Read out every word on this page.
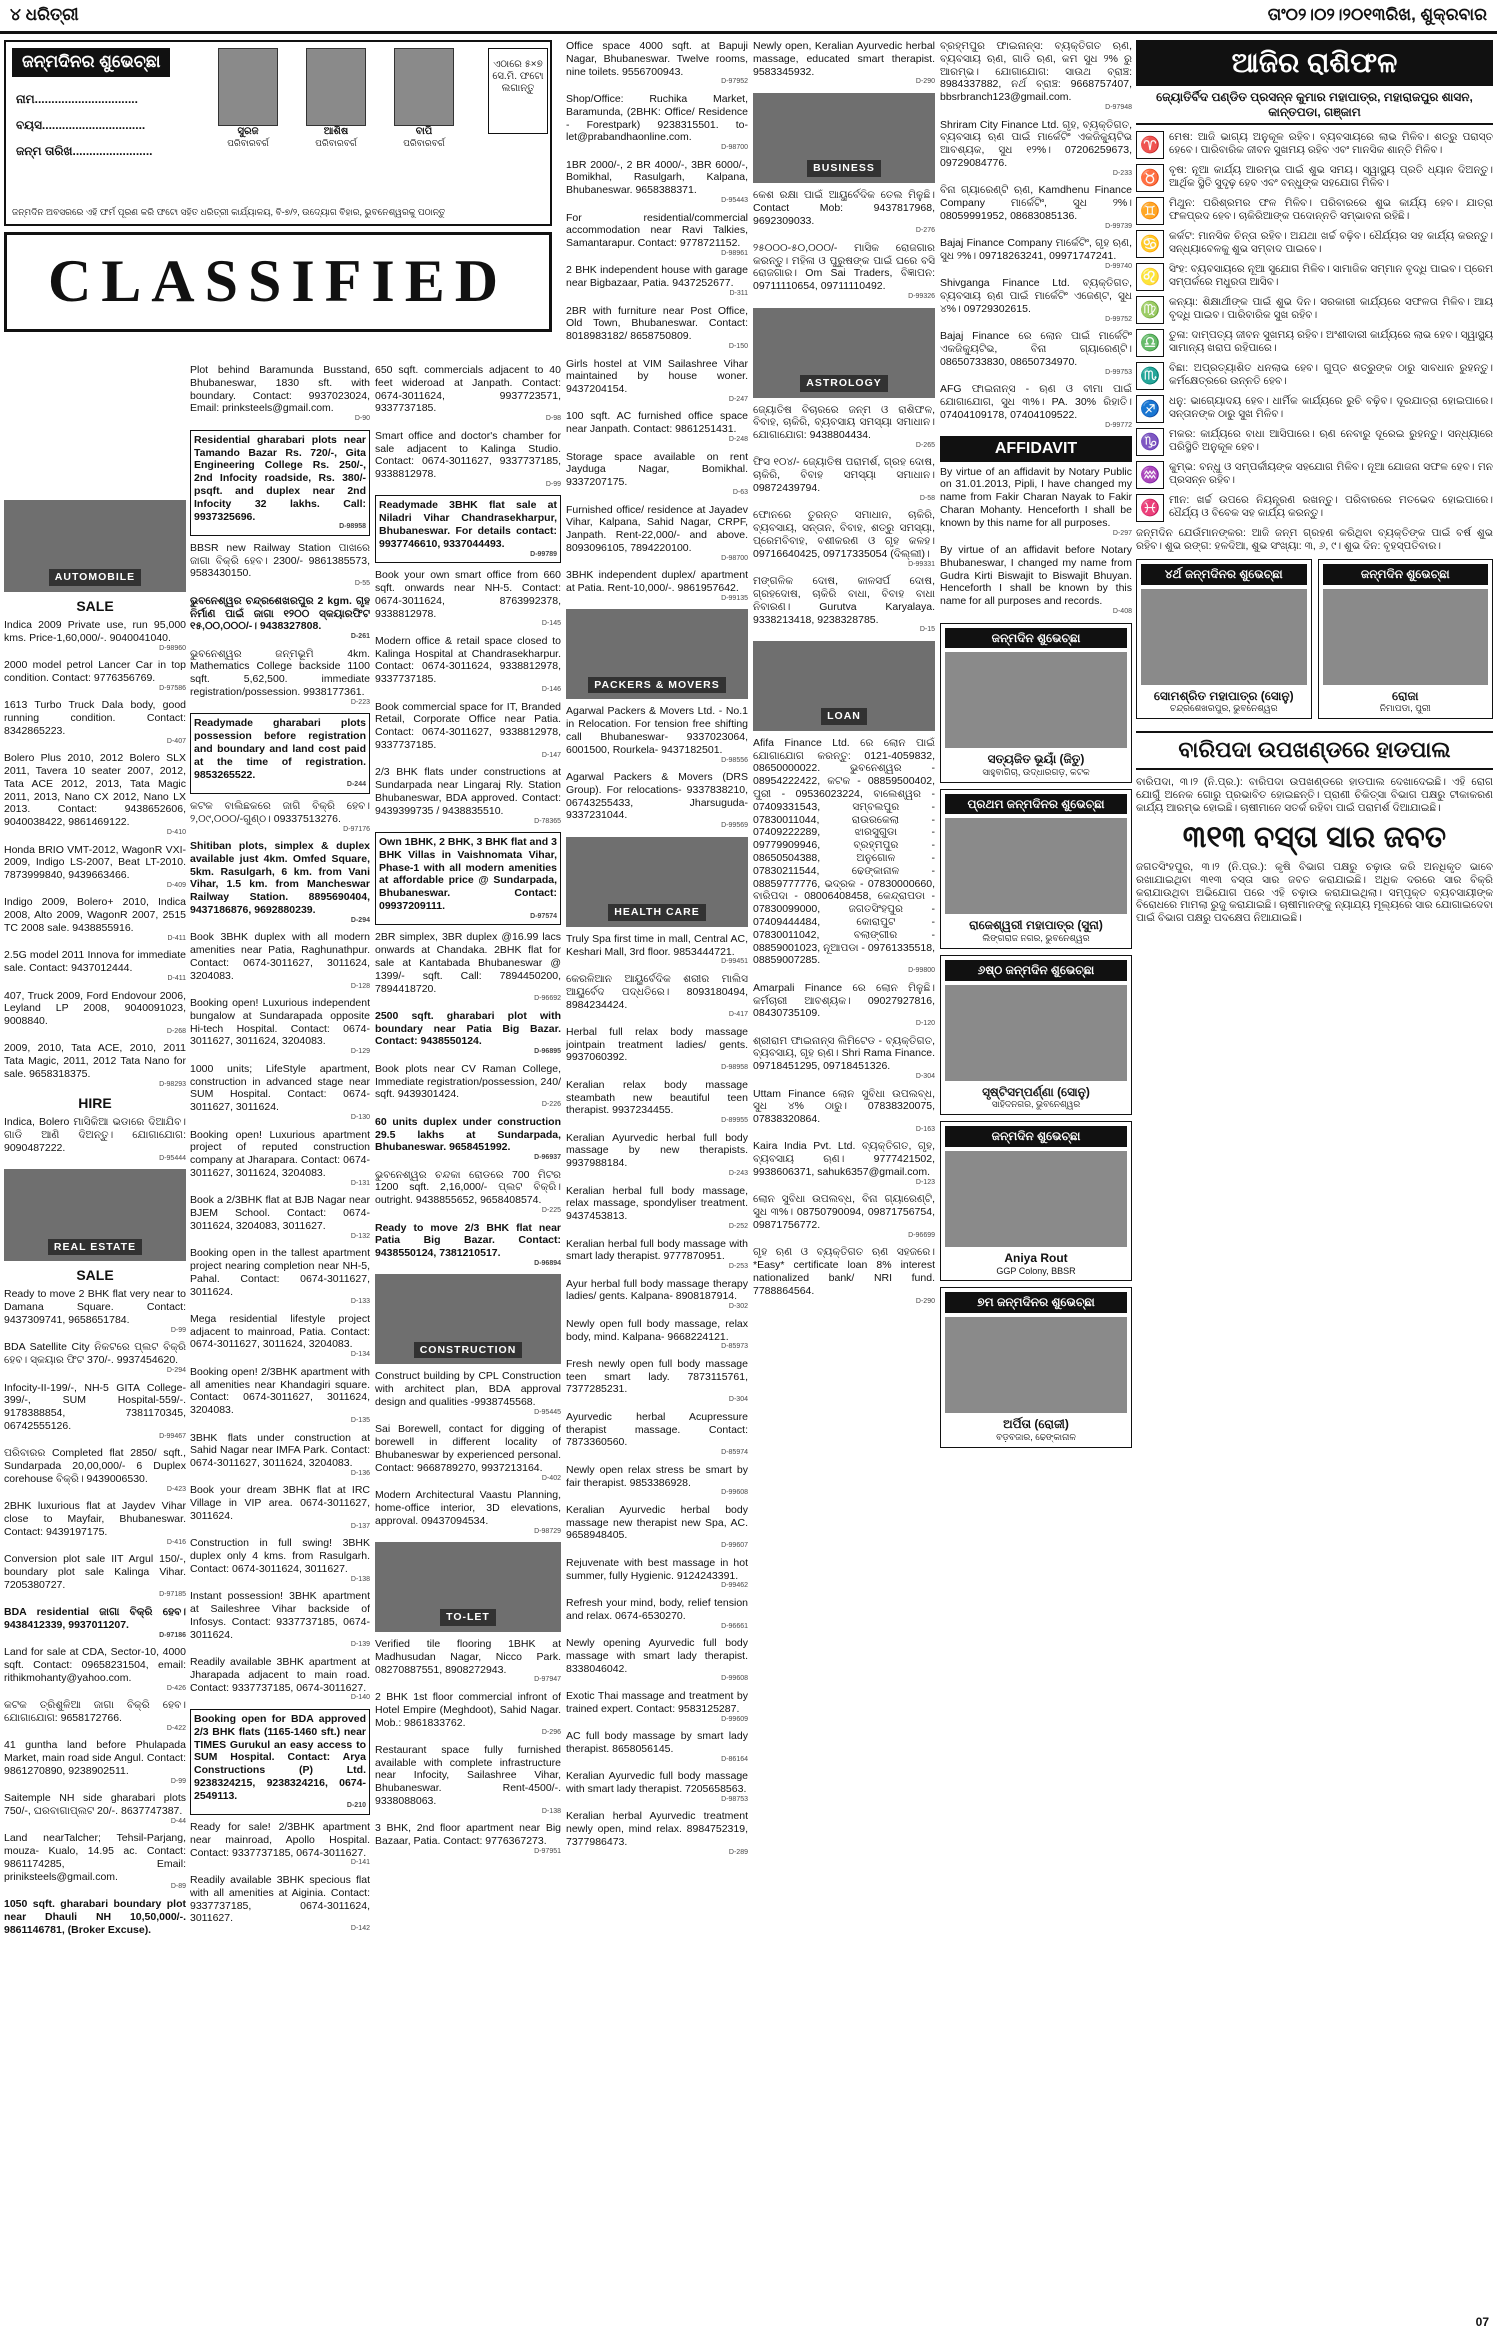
୪ ଧରିତ୍ରୀ	ତାଂ୦୨।୦୨।୨୦୧୩ରିଖ, ଶୁକ୍ରବାର
ଜନ୍ମଦିନର ଶୁଭେଚ୍ଛା
ନାମ...............................
ବୟସ...............................
ଜନ୍ମ ତାରିଖ........................
ସୁରଜ
ପରିବାରବର୍ଗ
ଆଶିଷ
ପରିବାରବର୍ଗ
ବାପି
ପରିବାରବର୍ଗ
ଏଠାରେ ୫×୭ ସେ.ମି. ଫଟୋ ଲଗାନ୍ତୁ
ଜନ୍ମଦିନ ଅବସରରେ ଏହି ଫର୍ମ ପୂରଣ କରି ଫଟୋ ସହିତ ଧରିତ୍ରୀ କାର୍ଯ୍ୟାଳୟ, ବି-୭/୨, ଉଦ୍ୟୋଗ ବିହାର, ଭୁବନେଶ୍ୱରକୁ ପଠାନ୍ତୁ
CLASSIFIED
AUTOMOBILE
SALE
Indica 2009 Private use, run 95,000 kms. Price-1,60,000/-. 9040041040.
D-98960
2000 model petrol Lancer Car in top condition. Contact: 9776356769.
D-97586
1613 Turbo Truck Dala body, good running condition. Contact: 8342865223.
D-407
Bolero Plus 2010, 2012 Bolero SLX 2011, Tavera 10 seater 2007, 2012, Tata ACE 2012, 2013, Tata Magic 2011, 2013, Nano CX 2012, Nano LX 2013. Contact: 9438652606, 9040038422, 9861469122.
D-410
Honda BRIO VMT-2012, WagonR VXI-2009, Indigo LS-2007, Beat LT-2010. 7873999840, 9439663466.
D-409
Indigo 2009, Bolero+ 2010, Indica 2008, Alto 2009, WagonR 2007, 2515 TC 2008 sale. 9438855916.
D-411
2.5G model 2011 Innova for immediate sale. Contact: 9437012444.
D-411
407, Truck 2009, Ford Endovour 2006, Leyland LP 2008, 9040091023, 9008840.
D-268
2009, 2010, Tata ACE, 2010, 2011 Tata Magic, 2011, 2012 Tata Nano for sale. 9658318375.
D-98293
HIRE
Indica, Bolero ମାସିକିଆ ଭଡାରେ ଦିଆଯିବ। ଗାଡି ଆଣି ଦିଅନ୍ତୁ। ଯୋଗାଯୋଗ: 9090487222.
D-95444
REAL ESTATE
SALE
Ready to move 2 BHK flat very near to Damana Square. Contact: 9437309741, 9658651784.
D-99
BDA Satellite City ନିକଟରେ ପ୍ଲଟ ବିକ୍ରି ହେବ। ସ୍କୟାର ଫିଟ 370/-. 9937454620.
D-294
Infocity-II-199/-, NH-5 GITA College-399/-, SUM Hospital-559/-. 9178388854, 7381170345, 06742555126.
D-99467
ପରିବାରର Completed flat 2850/ sqft., Sundarpada 20,00,000/- 6 Duplex corehouse ବିକ୍ରି। 9439006530.
D-423
2BHK luxurious flat at Jaydev Vihar close to Mayfair, Bhubaneswar. Contact: 9439197175.
D-416
Conversion plot sale IIT Argul 150/-, boundary plot sale Kalinga Vihar. 7205380727.
D-97185
BDA residential ଜାଗା ବିକ୍ରି ହେବ। 9438412339, 9937011207.
D-97186
Land for sale at CDA, Sector-10, 4000 sqft. Contact: 09658231504, email: rithikmohanty@yahoo.com.
D-426
କଟକ ତ୍ରିଶୁଳିଆ ଜାଗା ବିକ୍ରି ହେବ। ଯୋଗାଯୋଗ: 9658172766.
D-422
41 guntha land before Phulapada Market, main road side Angul. Contact: 9861270890, 9238902511.
D-99
Saitemple NH side gharabari plots 750/-, ଘରବାଗାପ୍ଲଟ 20/-. 8637747387.
D-44
Land nearTalcher; Tehsil-Parjang, mouza- Kualo, 14.95 ac. Contact: 9861174285, Email: priniksteels@gmail.com.
D-89
1050 sqft. gharabari boundary plot near Dhauli NH 10,50,000/-. 9861146781, (Broker Excuse).
Plot behind Baramunda Busstand, Bhubaneswar, 1830 sft. with boundary. Contact: 9937023024, Email: prinksteels@gmail.com.
D-90
Residential gharabari plots near Tamando Bazar Rs. 720/-, Gita Engineering College Rs. 250/-, 2nd Infocity roadside, Rs. 380/- psqft. and duplex near 2nd Infocity 32 lakhs. Call: 9937325696.
D-98958
BBSR new Railway Station ପାଖରେ ଜାଗା ବିକ୍ରି ହେବ। 2300/- 9861385573, 9583430150.
D-55
ଭୁବନେଶ୍ୱର ଚନ୍ଦ୍ରଶେଖରପୁର 2 kgm. ଗୃହ ନିର୍ମାଣ ପାଇଁ ଜାଗା ୧୨୦୦ ସ୍କୟାରଫିଟ ୧୫,୦୦,୦୦୦/-। 9438327808.
D-261
ଭୁବନେଶ୍ୱର ଜନ୍ମଭୂମି 4km. Mathematics College backside 1100 sqft. 5,62,500. immediate registration/possession. 9938177361.
D-223
Readymade gharabari plots possession before registration and boundary and land cost paid at the time of registration. 9853265522.
D-244
କଟକ ବାଲିଛକରେ ଜାଗି ବିକ୍ରି ହେବ। ୨,୦୯,୦୦୦/-ଗୁଣ୍ଠ। 09337513276.
D-97176
Shitiban plots, simplex & duplex available just 4km. Omfed Square, 5km. Rasulgarh, 6 km. from Vani Vihar, 1.5 km. from Mancheswar Railway Station. 8895690404, 9437186876, 9692880239.
D-294
Book 3BHK duplex with all modern amenities near Patia, Raghunathpur. Contact: 0674-3011627, 3011624, 3204083.
D-128
Booking open! Luxurious independent bungalow at Sundarapada opposite Hi-tech Hospital. Contact: 0674-3011627, 3011624, 3204083.
D-129
1000 units; LifeStyle apartment, construction in advanced stage near SUM Hospital. Contact: 0674-3011627, 3011624.
D-130
Booking open! Luxurious apartment project of reputed construction company at Jharapara. Contact: 0674-3011627, 3011624, 3204083.
D-131
Book a 2/3BHK flat at BJB Nagar near BJEM School. Contact: 0674-3011624, 3204083, 3011627.
D-132
Booking open in the tallest apartment project nearing completion near NH-5, Pahal. Contact: 0674-3011627, 3011624.
D-133
Mega residential lifestyle project adjacent to mainroad, Patia. Contact: 0674-3011627, 3011624, 3204083.
D-134
Booking open! 2/3BHK apartment with all amenities near Khandagiri square. Contact: 0674-3011627, 3011624, 3204083.
D-135
3BHK flats under construction at Sahid Nagar near IMFA Park. Contact: 0674-3011627, 3011624, 3204083.
D-136
Book your dream 3BHK flat at IRC Village in VIP area. 0674-3011627, 3011624.
D-137
Construction in full swing! 3BHK duplex only 4 kms. from Rasulgarh. Contact: 0674-3011624, 3011627.
D-138
Instant possession! 3BHK apartment at Saileshree Vihar backside of Infosys. Contact: 9337737185, 0674-3011624.
D-139
Readily available 3BHK apartment at Jharapada adjacent to main road. Contact: 9337737185, 0674-3011627.
D-140
Booking open for BDA approved 2/3 BHK flats (1165-1460 sft.) near TIMES Gurukul an easy access to SUM Hospital. Contact: Arya Constructions (P) Ltd. 9238324215, 9238324216, 0674-2549113.
D-210
Ready for sale! 2/3BHK apartment near mainroad, Apollo Hospital. Contact: 9337737185, 0674-3011627.
D-141
Readily available 3BHK specious flat with all amenities at Aiginia. Contact: 9337737185, 0674-3011624, 3011627.
D-142
650 sqft. commercials adjacent to 40 feet wideroad at Janpath. Contact: 0674-3011624, 9937723571, 9337737185.
D-98
Smart office and doctor's chamber for sale adjacent to Kalinga Studio. Contact: 0674-3011627, 9337737185, 9338812978.
D-99
Readymade 3BHK flat sale at Niladri Vihar Chandrasekharpur, Bhubaneswar. For details contact: 9937746610, 9337044493.
D-99789
Book your own smart office from 660 sqft. onwards near NH-5. Contact: 0674-3011624, 8763992378, 9338812978.
D-145
Modern office & retail space closed to Kalinga Hospital at Chandrasekharpur. Contact: 0674-3011624, 9338812978, 9337737185.
D-146
Book commercial space for IT, Branded Retail, Corporate Office near Patia. Contact: 0674-3011627, 9338812978, 9337737185.
D-147
2/3 BHK flats under constructions at Sundarpada near Lingaraj Rly. Station Bhubaneswar, BDA approved. Contact: 9439399735 / 9438835510.
D-78365
Own 1BHK, 2 BHK, 3 BHK flat and 3 BHK Villas in Vaishnomata Vihar, Phase-1 with all modern amenities at affordable price @ Sundarpada, Bhubaneswar. Contact: 09937209111.
D-97574
2BR simplex, 3BR duplex @16.99 lacs onwards at Chandaka. 2BHK flat for sale at Kantabada Bhubaneswar @ 1399/- sqft. Call: 7894450200, 7894418720.
D-96692
2500 sqft. gharabari plot with boundary near Patia Big Bazar. Contact: 9438550124.
D-96895
Book plots near CV Raman College, Immediate registration/possession, 240/ sqft. 9439301424.
D-226
60 units duplex under construction 29.5 lakhs at Sundarpada, Bhubaneswar. 9658451992.
D-96937
ଭୁବନେଶ୍ୱର ଚନ୍ଦକା ରୋଡରେ 700 ମିଟର 1200 sqft. 2,16,000/- ପ୍ଲଟ ବିକ୍ରି। outright. 9438855652, 9658408574.
D-225
Ready to move 2/3 BHK flat near Patia Big Bazar. Contact: 9438550124, 7381210517.
D-96894
CONSTRUCTION
Construct building by CPL Construction with architect plan, BDA approval design and qualities -9938745568.
D-95445
Sai Borewell, contact for digging of borewell in different locality of Bhubaneswar by experienced personal. Contact: 9668789270, 9937213164.
D-402
Modern Architectural Vaastu Planning, home-office interior, 3D elevations, approval. 09437094534.
D-98729
TO-LET
Verified tile flooring 1BHK at Madhusudan Nagar, Nicco Park. 08270887551, 8908272943.
D-97947
2 BHK 1st floor commercial infront of Hotel Empire (Meghdoot), Sahid Nagar. Mob.: 9861833762.
D-296
Restaurant space fully furnished available with complete infrastructure near Infocity, Sailashree Vihar, Bhubaneswar. Rent-4500/-. 9338088063.
D-138
3 BHK, 2nd floor apartment near Big Bazaar, Patia. Contact: 9776367273.
D-97951
Office space 4000 sqft. at Bapuji Nagar, Bhubaneswar. Twelve rooms, nine toilets. 9556700943.
D-97952
Shop/Office: Ruchika Market, Baramunda, (2BHK: Office/ Residence - Forestpark) 9238315501. to-let@prabandhaonline.com.
D-98700
1BR 2000/-, 2 BR 4000/-, 3BR 6000/-, Bomikhal, Rasulgarh, Kalpana, Bhubaneswar. 9658388371.
D-95443
For residential/commercial accommodation near Ravi Talkies, Samantarapur. Contact: 9778721152.
D-98961
2 BHK independent house with garage near Bigbazaar, Patia. 9437252677.
D-311
2BR with furniture near Post Office, Old Town, Bhubaneswar. Contact: 8018983182/ 8658750809.
D-150
Girls hostel at VIM Sailashree Vihar maintained by house woner. 9437204154.
D-247
100 sqft. AC furnished office space near Janpath. Contact: 9861251431.
D-248
Storage space available on rent Jayduga Nagar, Bomikhal. 9337207175.
D-63
Furnished office/ residence at Jayadev Vihar, Kalpana, Sahid Nagar, CRPF, Janpath. Rent-22,000/- and above. 8093096105, 7894220100.
D-98700
3BHK independent duplex/ apartment at Patia. Rent-10,000/-. 9861957642.
D-99135
PACKERS & MOVERS
Agarwal Packers & Movers Ltd. - No.1 in Relocation. For tension free shifting call Bhubaneswar- 9337023064, 6001500, Rourkela- 9437182501.
D-98556
Agarwal Packers & Movers (DRS Group). For relocations- 9337838210, 06743255433, Jharsuguda- 9337231044.
D-99569
HEALTH CARE
Truly Spa first time in mall, Central AC, Keshari Mall, 3rd floor. 9853444721.
D-99451
କେରଳିଆନ ଆୟୁର୍ବେଦିକ ଶରୀର ମାଲିସ ଆୟୁର୍ବେଦ ପଦ୍ଧତିରେ। 8093180494, 8984234424.
D-417
Herbal full relax body massage jointpain treatment ladies/ gents. 9937060392.
D-98958
Keralian relax body massage steambath new beautiful teen therapist. 9937234455.
D-89955
Keralian Ayurvedic herbal full body massage by new therapists. 9937988184.
D-243
Keralian herbal full body massage, relax massage, spondyliser treatment. 9437453813.
D-252
Keralian herbal full body massage with smart lady therapist. 9777870951.
D-253
Ayur herbal full body massage therapy ladies/ gents. Kalpana- 8908187914.
D-302
Newly open full body massage, relax body, mind. Kalpana- 9668224121.
D-85973
Fresh newly open full body massage teen smart lady. 7873115761, 7377285231.
D-304
Ayurvedic herbal Acupressure therapist massage. Contact: 7873360560.
D-85974
Newly open relax stress be smart by fair therapist. 9853386928.
D-99608
Keralian Ayurvedic herbal body massage new therapist new Spa, AC. 9658948405.
D-99607
Rejuvenate with best massage in hot summer, fully Hygienic. 9124243391.
D-99462
Refresh your mind, body, relief tension and relax. 0674-6530270.
D-96661
Newly opening Ayurvedic full body massage with smart lady therapist. 8338046042.
D-99608
Exotic Thai massage and treatment by trained expert. Contact: 9583125287.
D-99609
AC full body massage by smart lady therapist. 8658056145.
D-86164
Keralian Ayurvedic full body massage with smart lady therapist. 7205658563.
D-98753
Keralian herbal Ayurvedic treatment newly open, mind relax. 8984752319, 7377986473.
D-289
Newly open, Keralian Ayurvedic herbal massage, educated smart therapist. 9583345932.
D-290
BUSINESS
କେଶ ରକ୍ଷା ପାଇଁ ଆୟୁର୍ବେଦିକ ତେଲ ମିଳୁଛି। Contact Mob: 9437817968, 9692309033.
D-276
୨୫୦୦୦-୫୦,୦୦୦/- ମାସିକ ରୋଜଗାର କରନ୍ତୁ। ମହିଳା ଓ ପୁରୁଷଙ୍କ ପାଇଁ ଘରେ ବସି ରୋଜଗାର। Om Sai Traders, ବିଜ୍ଞାପନ: 09711110654, 09711110492.
D-99326
ASTROLOGY
ଜ୍ୟୋତିଷ ବିଚାରରେ ଜନ୍ମ ଓ ରାଶିଫଳ, ବିବାହ, ଚାକିରି, ବ୍ୟବସାୟ ସମସ୍ୟା ସମାଧାନ। ଯୋଗାଯୋଗ: 9438804434.
D-265
ଫିସ ୧୦୪/- ଜ୍ୟୋତିଷ ପରାମର୍ଶ, ଗ୍ରହ ଦୋଷ, ଚାକିରି, ବିବାହ ସମସ୍ୟା ସମାଧାନ। 09872439794.
D-58
ଫୋନରେ ତୁରନ୍ତ ସମାଧାନ, ଚାକିରି, ବ୍ୟବସାୟ, ସନ୍ତାନ, ବିବାହ, ଶତ୍ରୁ ସମସ୍ୟା, ପ୍ରେମବିବାହ, ବଶୀକରଣ ଓ ଗୃହ କଳହ। 09716640425, 09717335054 (ଦିଲ୍ଲୀ)।
D-99331
ମଙ୍ଗଳିକ ଦୋଷ, କାଳସର୍ପ ଦୋଷ, ଗ୍ରହଦୋଷ, ଚାକିରି ବାଧା, ବିବାହ ବାଧା ନିବାରଣ। Gurutva Karyalaya. 9338213418, 9238328785.
D-15
LOAN
Afifa Finance Ltd. ରେ ଲୋନ ପାଇଁ ଯୋଗାଯୋଗ କରନ୍ତୁ: 0121-4059832, 08650000022. ଭୁବନେଶ୍ୱର - 08954222422, କଟକ - 08859500402, ପୁରୀ - 09536023224, ବାଲେଶ୍ୱର - 07409331543, ସମ୍ବଲପୁର - 07830011044, ରାଉରକେଲା - 07409222289, ଝାରସୁଗୁଡା - 09779909946, ବ୍ରହ୍ମପୁର - 08650504388, ଅନୁଗୋଳ - 07830211544, ଢେଙ୍କାନାଳ - 08859777776, ଭଦ୍ରକ - 07830000660, ବାରିପଦା - 08006408458, କେନ୍ଦ୍ରାପଡା - 07830099000, ଜଗତସିଂହପୁର - 07409444484, କୋରାପୁଟ - 07830011042, ବଲାଙ୍ଗୀର - 08859001023, ନୂଆପଡା - 09761335518, 08859007285.
D-99800
Amarpali Finance ରେ ଲୋନ ମିଳୁଛି। କର୍ମଚାରୀ ଆବଶ୍ୟକ। 09027927816, 08430735109.
D-120
ଶ୍ରୀରାମ ଫାଇନାନ୍ସ ଲିମିଟେଡ - ବ୍ୟକ୍ତିଗତ, ବ୍ୟବସାୟ, ଗୃହ ଋଣ। Shri Rama Finance. 09718451295, 09718451326.
D-304
Uttam Finance ଲୋନ ସୁବିଧା ଉପଲବ୍ଧ, ସୁଧ ୪% ଠାରୁ। 07838320075, 07838320864.
D-163
Kaira India Pvt. Ltd. ବ୍ୟକ୍ତିଗତ, ଗୃହ, ବ୍ୟବସାୟ ଋଣ। 9777421502, 9938606371, sahuk6357@gmail.com.
D-123
ଲୋନ ସୁବିଧା ଉପଲବ୍ଧ, ବିନା ଗ୍ୟାରେଣ୍ଟି, ସୁଧ ୩%। 08750790094, 09871756754, 09871756772.
D-96699
ଗୃହ ଋଣ ଓ ବ୍ୟକ୍ତିଗତ ଋଣ ସହଜରେ। *Easy* certificate loan 8% interest nationalized bank/ NRI fund. 7788864564.
D-290
ବ୍ରହ୍ମପୁର ଫାଇନାନ୍ସ: ବ୍ୟକ୍ତିଗତ ଋଣ, ବ୍ୟବସାୟ ଋଣ, ଗାଡି ଋଣ, କମ ସୁଧ ୨% ରୁ ଆରମ୍ଭ। ଯୋଗାଯୋଗ: ସାଉଥ ବ୍ରାଞ୍ଚ: 8984337882, ନର୍ଥ ବ୍ରାଞ୍ଚ: 9668757407, bbsrbranch123@gmail.com.
D-97948
Shriram City Finance Ltd. ଗୃହ, ବ୍ୟକ୍ତିଗତ, ବ୍ୟବସାୟ ଋଣ ପାଇଁ ମାର୍କେଟିଂ ଏକଜିକ୍ୟୁଟିଭ ଆବଶ୍ୟକ, ସୁଧ ୧୨%। 07206259673, 09729084776.
D-233
ବିନା ଗ୍ୟାରେଣ୍ଟି ଋଣ, Kamdhenu Finance Company ମାର୍କେଟିଂ, ସୁଧ ୨%। 08059991952, 08683085136.
D-99739
Bajaj Finance Company ମାର୍କେଟିଂ, ଗୃହ ଋଣ, ସୁଧ ୨%। 09718263241, 09971747241.
D-99740
Shivganga Finance Ltd. ବ୍ୟକ୍ତିଗତ, ବ୍ୟବସାୟ ଋଣ ପାଇଁ ମାର୍କେଟିଂ ଏଜେଣ୍ଟ, ସୁଧ ୪%। 09729302615.
D-99752
Bajaj Finance ରେ ଲୋନ ପାଇଁ ମାର୍କେଟିଂ ଏକଜିକ୍ୟୁଟିଭ, ବିନା ଗ୍ୟାରେଣ୍ଟି। 08650733830, 08650734970.
D-99753
AFG ଫାଇନାନ୍ସ - ଋଣ ଓ ବୀମା ପାଇଁ ଯୋଗାଯୋଗ, ସୁଧ ୩%। PA. 30% ରିହାତି। 07404109178, 07404109522.
D-99772
AFFIDAVIT
By virtue of an affidavit by Notary Public on 31.01.2013, Pipli, I have changed my name from Fakir Charan Nayak to Fakir Charan Mohanty. Henceforth I shall be known by this name for all purposes.
D-297
By virtue of an affidavit before Notary Bhubaneswar, I changed my name from Gudra Kirti Biswajit to Biswajit Bhuyan. Henceforth I shall be known by this name for all purposes and records.
D-408
ଜନ୍ମଦିନ ଶୁଭେଚ୍ଛା
ସତ୍ୟଜିତ ଭୂୟାଁ (ଜିତୁ)
ସାହୁବାଗିଚା, ଉଦ୍ଧାରଗଡ଼, କଟକ
ପ୍ରଥମ ଜନ୍ମଦିନର ଶୁଭେଚ୍ଛା
ରାଜେଶ୍ୱରୀ ମହାପାତ୍ର (ସୁନା)
ଲିଙ୍ଗରାଜ ନଗର, ଭୁବନେଶ୍ୱର
୬ଷ୍ଠ ଜନ୍ମଦିନ ଶୁଭେଚ୍ଛା
ସୃଷ୍ଟିସମ୍ପର୍ଣ୍ଣା (ସୋନୁ)
ସାହିଦନଗର, ଭୁବନେଶ୍ୱର
ଜନ୍ମଦିନ ଶୁଭେଚ୍ଛା
Aniya Rout
GGP Colony, BBSR
୭ମ ଜନ୍ମଦିନର ଶୁଭେଚ୍ଛା
ଅର୍ପିତା (ରୋଜୀ)
ବଡ଼ବଜାର, ଢେଙ୍କାନାଳ
ଆଜିର ରାଶିଫଳ
ଜ୍ୟୋତିର୍ବିଦ ପଣ୍ଡିତ ପ୍ରସନ୍ନ କୁମାର ମହାପାତ୍ର, ମହାରାଜପୁର ଶାସନ, କାନ୍ତପଡା, ଗଞ୍ଜାମ
♈ ମେଷ: ଆଜି ଭାଗ୍ୟ ଅନୁକୂଳ ରହିବ। ବ୍ୟବସାୟରେ ଲାଭ ମିଳିବ। ଶତ୍ରୁ ପରାସ୍ତ ହେବେ। ପାରିବାରିକ ଜୀବନ ସୁଖମୟ ରହିବ ଏବଂ ମାନସିକ ଶାନ୍ତି ମିଳିବ।
♉ ବୃଷ: ନୂଆ କାର୍ଯ୍ୟ ଆରମ୍ଭ ପାଇଁ ଶୁଭ ସମୟ। ସ୍ୱାସ୍ଥ୍ୟ ପ୍ରତି ଧ୍ୟାନ ଦିଅନ୍ତୁ। ଆର୍ଥିକ ସ୍ଥିତି ସୁଦୃଢ଼ ହେବ ଏବଂ ବନ୍ଧୁଙ୍କ ସହଯୋଗ ମିଳିବ।
♊ ମିଥୁନ: ପରିଶ୍ରମର ଫଳ ମିଳିବ। ପରିବାରରେ ଶୁଭ କାର୍ଯ୍ୟ ହେବ। ଯାତ୍ରା ଫଳପ୍ରଦ ହେବ। ଚାକିରିଆଙ୍କ ପଦୋନ୍ନତି ସମ୍ଭାବନା ରହିଛି।
♋ କର୍କଟ: ମାନସିକ ଚିନ୍ତା ରହିବ। ଅଯଥା ଖର୍ଚ୍ଚ ବଢ଼ିବ। ଧୈର୍ଯ୍ୟର ସହ କାର୍ଯ୍ୟ କରନ୍ତୁ। ସନ୍ଧ୍ୟାବେଳକୁ ଶୁଭ ସମ୍ବାଦ ପାଇବେ।
♌ ସିଂହ: ବ୍ୟବସାୟରେ ନୂଆ ସୁଯୋଗ ମିଳିବ। ସାମାଜିକ ସମ୍ମାନ ବୃଦ୍ଧି ପାଇବ। ପ୍ରେମ ସମ୍ପର୍କରେ ମଧୁରତା ଆସିବ।
♍ କନ୍ୟା: ଶିକ୍ଷାର୍ଥୀଙ୍କ ପାଇଁ ଶୁଭ ଦିନ। ସରକାରୀ କାର୍ଯ୍ୟରେ ସଫଳତା ମିଳିବ। ଆୟ ବୃଦ୍ଧି ପାଇବ। ପାରିବାରିକ ସୁଖ ରହିବ।
♎ ତୁଳା: ଦାମ୍ପତ୍ୟ ଜୀବନ ସୁଖମୟ ରହିବ। ଅଂଶୀଦାରୀ କାର୍ଯ୍ୟରେ ଲାଭ ହେବ। ସ୍ୱାସ୍ଥ୍ୟ ସାମାନ୍ୟ ଖରାପ ରହିପାରେ।
♏ ବିଛା: ଅପ୍ରତ୍ୟାଶିତ ଧନଲାଭ ହେବ। ଗୁପ୍ତ ଶତ୍ରୁଙ୍କ ଠାରୁ ସାବଧାନ ରୁହନ୍ତୁ। କର୍ମକ୍ଷେତ୍ରରେ ଉନ୍ନତି ହେବ।
♐ ଧନୁ: ଭାଗ୍ୟୋଦୟ ହେବ। ଧାର୍ମିକ କାର୍ଯ୍ୟରେ ରୁଚି ବଢ଼ିବ। ଦୂରଯାତ୍ରା ହୋଇପାରେ। ସନ୍ତାନଙ୍କ ଠାରୁ ସୁଖ ମିଳିବ।
♑ ମକର: କାର୍ଯ୍ୟରେ ବାଧା ଆସିପାରେ। ଋଣ ନେବାରୁ ଦୂରେଇ ରୁହନ୍ତୁ। ସନ୍ଧ୍ୟାରେ ପରିସ୍ଥିତି ଅନୁକୂଳ ହେବ।
♒ କୁମ୍ଭ: ବନ୍ଧୁ ଓ ସମ୍ପର୍କୀୟଙ୍କ ସହଯୋଗ ମିଳିବ। ନୂଆ ଯୋଜନା ସଫଳ ହେବ। ମନ ପ୍ରସନ୍ନ ରହିବ।
♓ ମୀନ: ଖର୍ଚ୍ଚ ଉପରେ ନିୟନ୍ତ୍ରଣ ରଖନ୍ତୁ। ପରିବାରରେ ମତଭେଦ ହୋଇପାରେ। ଧୈର୍ଯ୍ୟ ଓ ବିବେକ ସହ କାର୍ଯ୍ୟ କରନ୍ତୁ।
ଜନ୍ମଦିନ ଯେଉଁମାନଙ୍କର: ଆଜି ଜନ୍ମ ଗ୍ରହଣ କରିଥିବା ବ୍ୟକ୍ତିଙ୍କ ପାଇଁ ବର୍ଷ ଶୁଭ ରହିବ। ଶୁଭ ରଙ୍ଗ: ହଳଦିଆ, ଶୁଭ ସଂଖ୍ୟା: ୩, ୬, ୯। ଶୁଭ ଦିନ: ବୃହସ୍ପତିବାର।
୪ର୍ଥ ଜନ୍ମଦିନର ଶୁଭେଚ୍ଛା
ସୋମଶ୍ରିତ ମହାପାତ୍ର (ସୋନୁ)
ଚନ୍ଦ୍ରଶେଖରପୁର, ଭୁବନେଶ୍ୱର
ଜନ୍ମଦିନ ଶୁଭେଚ୍ଛା
ରୋଜା
ନିମାପଡା, ପୁରୀ
ବାରିପଦା ଉପଖଣ୍ଡରେ ହାଡପାଲ
ବାରିପଦା, ୩।୨ (ନି.ପ୍ର.): ବାରିପଦା ଉପଖଣ୍ଡରେ ହାଡପାଲ ଦେଖାଦେଇଛି। ଏହି ରୋଗ ଯୋଗୁଁ ଅନେକ ଗୋରୁ ପ୍ରଭାବିତ ହୋଇଛନ୍ତି। ପ୍ରାଣୀ ଚିକିତ୍ସା ବିଭାଗ ପକ୍ଷରୁ ଟୀକାକରଣ କାର୍ଯ୍ୟ ଆରମ୍ଭ ହୋଇଛି। ଚାଷୀମାନେ ସତର୍କ ରହିବା ପାଇଁ ପରାମର୍ଶ ଦିଆଯାଇଛି।
୩୧୩ ବସ୍ତା ସାର ଜବତ
ଜଗତସିଂହପୁର, ୩।୨ (ନି.ପ୍ର.): କୃଷି ବିଭାଗ ପକ୍ଷରୁ ଚଢ଼ାଉ କରି ଅନଧିକୃତ ଭାବେ ରଖାଯାଇଥିବା ୩୧୩ ବସ୍ତା ସାର ଜବତ କରାଯାଇଛି। ଅଧିକ ଦରରେ ସାର ବିକ୍ରି କରାଯାଉଥିବା ଅଭିଯୋଗ ପରେ ଏହି ଚଢ଼ାଉ କରାଯାଇଥିଲା। ସମ୍ପୃକ୍ତ ବ୍ୟବସାୟୀଙ୍କ ବିରୋଧରେ ମାମଲା ରୁଜୁ କରାଯାଇଛି। ଚାଷୀମାନଙ୍କୁ ନ୍ୟାଯ୍ୟ ମୂଲ୍ୟରେ ସାର ଯୋଗାଇଦେବା ପାଇଁ ବିଭାଗ ପକ୍ଷରୁ ପଦକ୍ଷେପ ନିଆଯାଇଛି।
07
